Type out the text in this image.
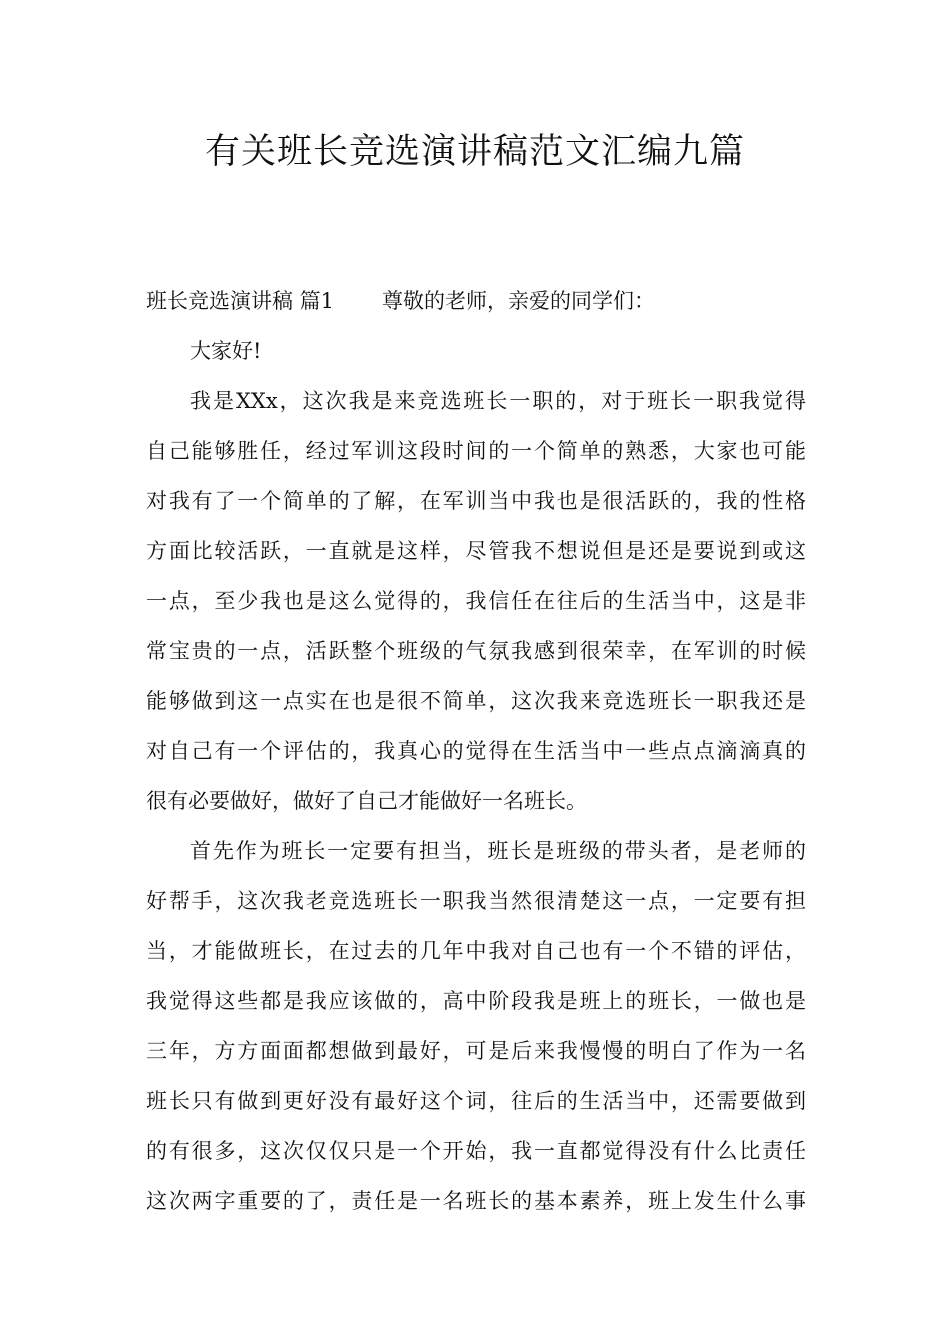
有关班长竞选演讲稿范文汇编九篇
班长竞选演讲稿 篇1 尊敬的老师，亲爱的同学们：
大家好!
我是XXx，这次我是来竞选班长一职的，对于班长一职我觉得
自己能够胜任，经过军训这段时间的一个简单的熟悉，大家也可能
对我有了一个简单的了解，在军训当中我也是很活跃的，我的性格
方面比较活跃，一直就是这样，尽管我不想说但是还是要说到或这
一点，至少我也是这么觉得的，我信任在往后的生活当中，这是非
常宝贵的一点，活跃整个班级的气氛我感到很荣幸，在军训的时候
能够做到这一点实在也是很不简单，这次我来竞选班长一职我还是
对自己有一个评估的，我真心的觉得在生活当中一些点点滴滴真的
很有必要做好，做好了自己才能做好一名班长。
首先作为班长一定要有担当，班长是班级的带头者，是老师的
好帮手，这次我老竞选班长一职我当然很清楚这一点，一定要有担
当，才能做班长，在过去的几年中我对自己也有一个不错的评估，
我觉得这些都是我应该做的，高中阶段我是班上的班长，一做也是
三年，方方面面都想做到最好，可是后来我慢慢的明白了作为一名
班长只有做到更好没有最好这个词，往后的生活当中，还需要做到
的有很多，这次仅仅只是一个开始，我一直都觉得没有什么比责任
这次两字重要的了，责任是一名班长的基本素养，班上发生什么事
